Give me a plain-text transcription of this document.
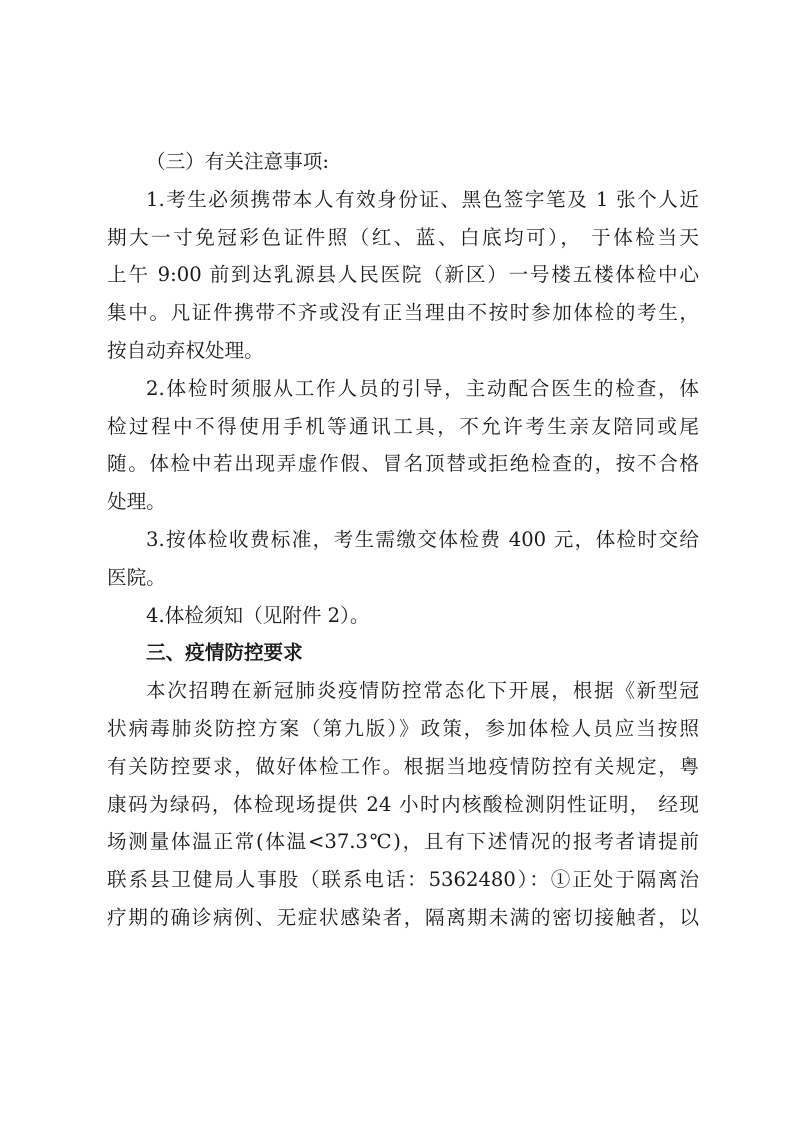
（三）有关注意事项:
1.考生必须携带本人有效身份证、黑色签字笔及 1 张个人近
期大一寸免冠彩色证件照（红、蓝、白底均可）， 于体检当天
上午 9:00 前到达乳源县人民医院（新区）一号楼五楼体检中心
集中。凡证件携带不齐或没有正当理由不按时参加体检的考生，
按自动弃权处理。
2.体检时须服从工作人员的引导，主动配合医生的检查，体
检过程中不得使用手机等通讯工具，不允许考生亲友陪同或尾
随。体检中若出现弄虚作假、冒名顶替或拒绝检查的，按不合格
处理。
3.按体检收费标准，考生需缴交体检费 400 元，体检时交给
医院。
4.体检须知（见附件 2）。
三、疫情防控要求
本次招聘在新冠肺炎疫情防控常态化下开展，根据《新型冠
状病毒肺炎防控方案（第九版）》政策，参加体检人员应当按照
有关防控要求，做好体检工作。根据当地疫情防控有关规定，粤
康码为绿码，体检现场提供 24 小时内核酸检测阴性证明， 经现
场测量体温正常(体温<37.3℃)，且有下述情况的报考者请提前
联系县卫健局人事股（联系电话：5362480）：①正处于隔离治
疗期的确诊病例、无症状感染者，隔离期未满的密切接触者，以
